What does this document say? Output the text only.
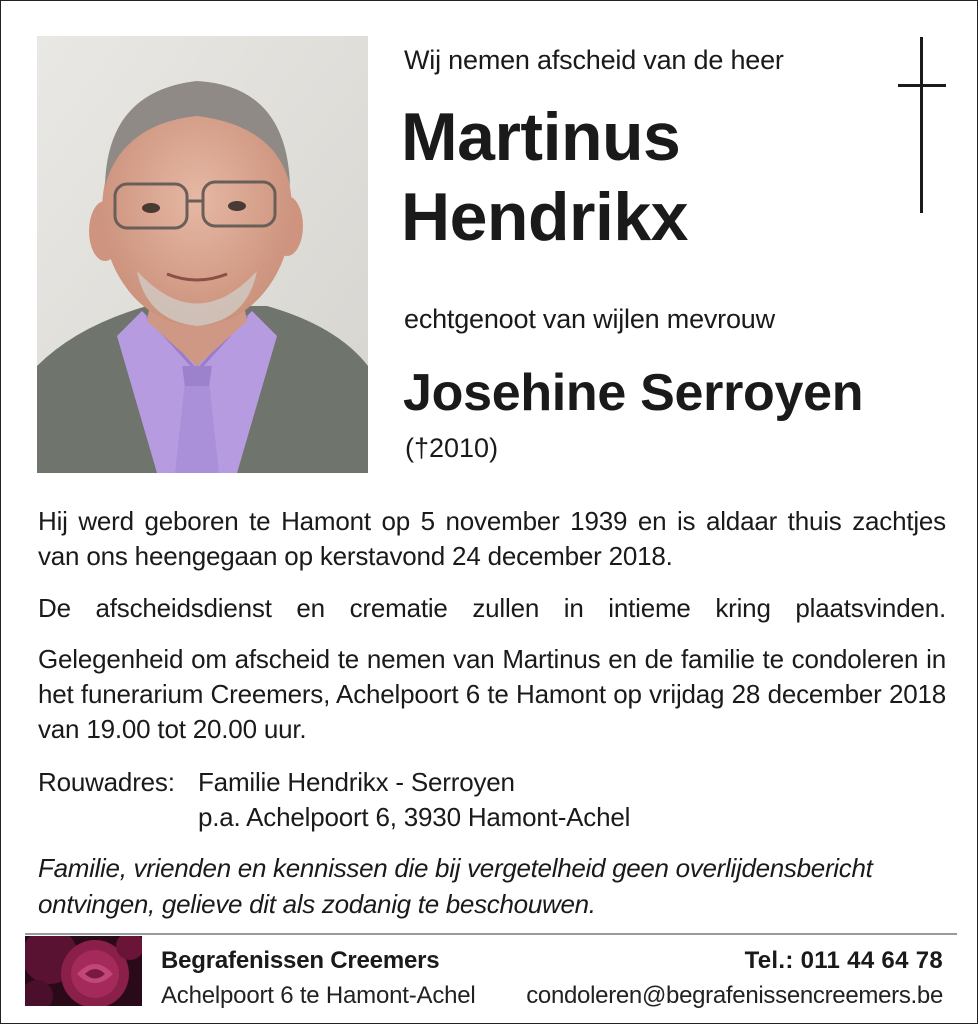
Wij nemen afscheid van de heer
Martinus
Hendrikx
echtgenoot van wijlen mevrouw
Josehine Serroyen
(†2010)
Hij werd geboren te Hamont op 5 november 1939 en is aldaar thuis zachtjes van ons heengegaan op kerstavond 24 december 2018.
De afscheidsdienst en crematie zullen in intieme kring plaatsvinden.
Gelegenheid om afscheid te nemen van Martinus en de familie te condoleren in het funerarium Creemers, Achelpoort 6 te Hamont op vrijdag 28 december 2018 van 19.00 tot 20.00 uur.
Rouwadres: Familie Hendrikx - Serroyen
p.a. Achelpoort 6, 3930 Hamont-Achel
Familie, vrienden en kennissen die bij vergetelheid geen overlijdensbericht ontvingen, gelieve dit als zodanig te beschouwen.
Begrafenissen Creemers
Achelpoort 6 te Hamont-Achel
Tel.: 011 44 64 78
condoleren@begrafenissencreemers.be
